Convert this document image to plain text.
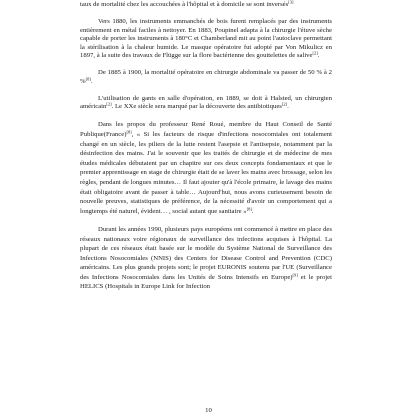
taux de mortalité chez les accouchées à l'hôpital et à domicile se sont inversés[3]

Vers 1880, les instruments emmanchés de bois furent remplacés par des instruments entièrement en métal faciles à nettoyer. En 1883, Poupinel adapta à la chirurgie l'étuve sèche capable de porter les instruments à 180°C et Chamberland mit au point l'autoclave permettant la stérilisation à la chaleur humide. Le masque opératoire fut adopté par Von Mikulicz en 1897, à la suite des travaux de Flügge sur la flore bactérienne des gouttelettes de salive[2].

De 1885 à 1900, la mortalité opératoire en chirurgie abdominale va passer de 50 % à 2 %[8].

L'utilisation de gants en salle d'opération, en 1889, se doit à Halsted, un chirurgien américain[2]. Le XXe siècle sera marqué par la découverte des antibiotiques[2].

Dans les propos du professeur René Roué, membre du Haut Conseil de Santé Publique(France)[8], « Si les facteurs de risque d'infections nosocomiales ont totalement changé en un siècle, les piliers de la lutte restent l'asepsie et l'antisepsie, notamment par la désinfection des mains. J'ai le souvenir que les traités de chirurgie et de médecine de mes études médicales débutaient par un chapitre sur ces deux concepts fondamentaux et que le premier apprentissage en stage de chirurgie était de se laver les mains avec brossage, selon les règles, pendant de longues minutes… Il faut ajouter qu'à l'école primaire, le lavage des mains était obligatoire avant de passer à table… Aujourd'hui, nous avons curieusement besoin de nouvelle preuves, statistiques de préférence, de la nécessité d'avoir un comportement qui a longtemps été naturel, évident… , social autant que sanitaire »[8].

Durant les années 1990, plusieurs pays européens ont commencé à mettre en place des réseaux nationaux voire régionaux de surveillance des infections acquises à l'hôpital. La plupart de ces réseaux était basée sur le modèle du Système National de Surveillance des Infections Nosocomiales (NNIS) des Centers for Disease Control and Prevention (CDC) américains. Les plus grands projets sont; le projet EURONIS soutenu par l'UE (Surveillance des Infections Nosocomiales dans les Unités de Soins Intensifs en Europe)[9] et le projet HELICS (Hospitals in Europe Link for Infection

10
